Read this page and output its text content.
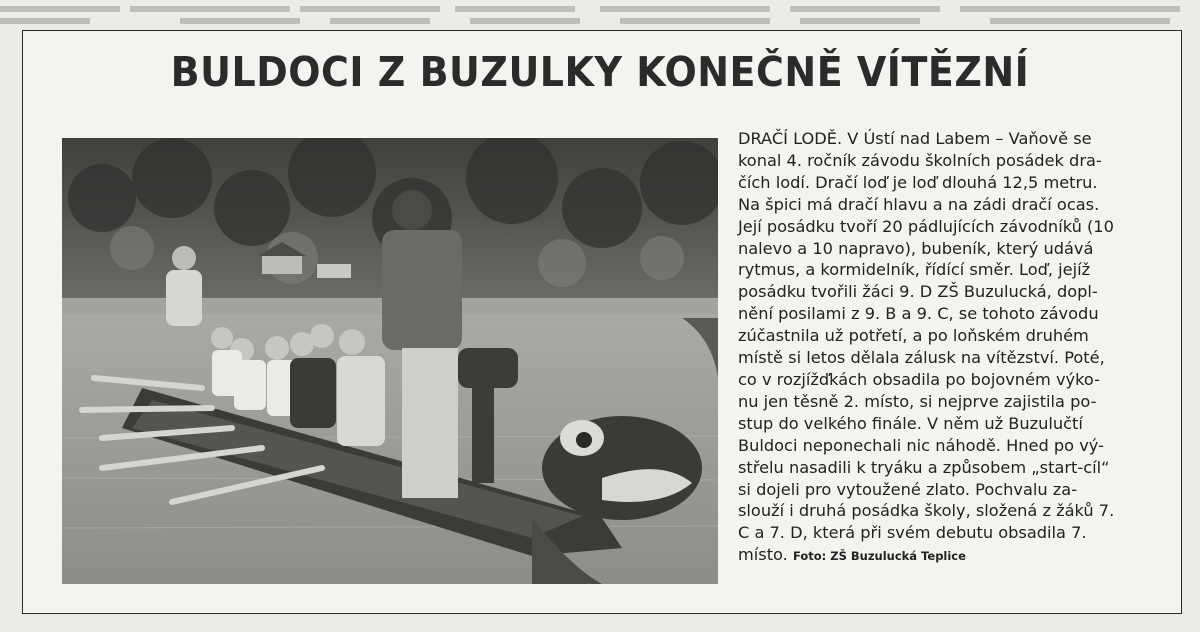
BULDOCI Z BUZULKY KONEČNĚ VÍTĚZNÍ
DRAČÍ LODĚ. V Ústí nad Labem – Vaňově se
konal 4. ročník závodu školních posádek dra-
čích lodí. Dračí loď je loď dlouhá 12,5 metru.
Na špici má dračí hlavu a na zádi dračí ocas.
Její posádku tvoří 20 pádlujících závodníků (10
nalevo a 10 napravo), bubeník, který udává
rytmus, a kormidelník, řídící směr. Loď, jejíž
posádku tvořili žáci 9. D ZŠ Buzulucká, dopl-
nění posilami z 9. B a 9. C, se tohoto závodu
zúčastnila už potřetí, a po loňském druhém
místě si letos dělala zálusk na vítězství. Poté,
co v rozjížďkách obsadila po bojovném výko-
nu jen těsně 2. místo, si nejprve zajistila po-
stup do velkého finále. V něm už Buzulučtí
Buldoci neponechali nic náhodě. Hned po vý-
střelu nasadili k tryáku a způsobem „start-cíl“
si dojeli pro vytoužené zlato. Pochvalu za-
slouží i druhá posádka školy, složená z žáků 7.
C a 7. D, která při svém debutu obsadila 7.
místo. Foto: ZŠ Buzulucká Teplice
